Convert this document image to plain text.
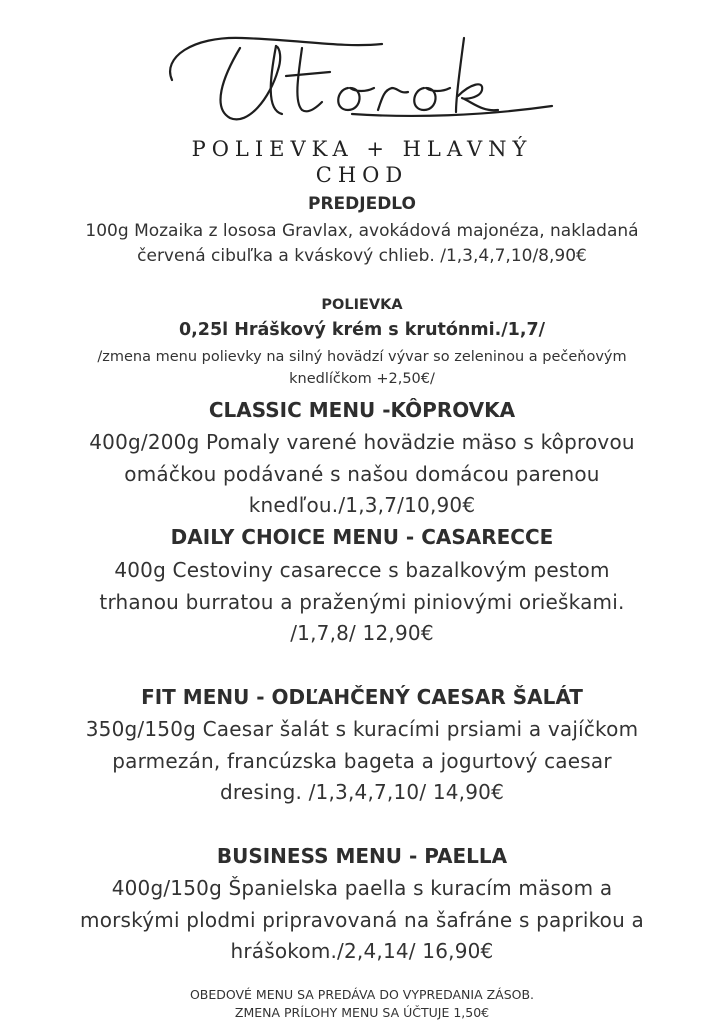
POLIEVKA + HLAVNÝ
CHOD
PREDJEDLO
100g Mozaika z lososa Gravlax, avokádová majonéza, nakladaná
červená cibuľka a kváskový chlieb. /1,3,4,7,10/8,90€
POLIEVKA
0,25l Hráškový krém s krutónmi./1,7/
/zmena menu polievky na silný hovädzí vývar so zeleninou a pečeňovým
knedlíčkom +2,50€/
CLASSIC MENU -KÔPROVKA
400g/200g Pomaly varené hovädzie mäso s kôprovou
omáčkou podávané s našou domácou parenou
knedľou./1,3,7/10,90€
DAILY CHOICE MENU - CASARECCE
400g Cestoviny casarecce s bazalkovým pestom
trhanou burratou a praženými piniovými orieškami.
/1,7,8/ 12,90€
FIT MENU - ODĽAHČENÝ CAESAR ŠALÁT
350g/150g Caesar šalát s kuracími prsiami a vajíčkom
parmezán, francúzska bageta a jogurtový caesar
dresing. /1,3,4,7,10/ 14,90€
BUSINESS MENU - PAELLA
400g/150g Španielska paella s kuracím mäsom a
morskými plodmi pripravovaná na šafráne s paprikou a
hrášokom./2,4,14/ 16,90€
OBEDOVÉ MENU SA PREDÁVA DO VYPREDANIA ZÁSOB.
ZMENA PRÍLOHY MENU SA ÚČTUJE 1,50€
